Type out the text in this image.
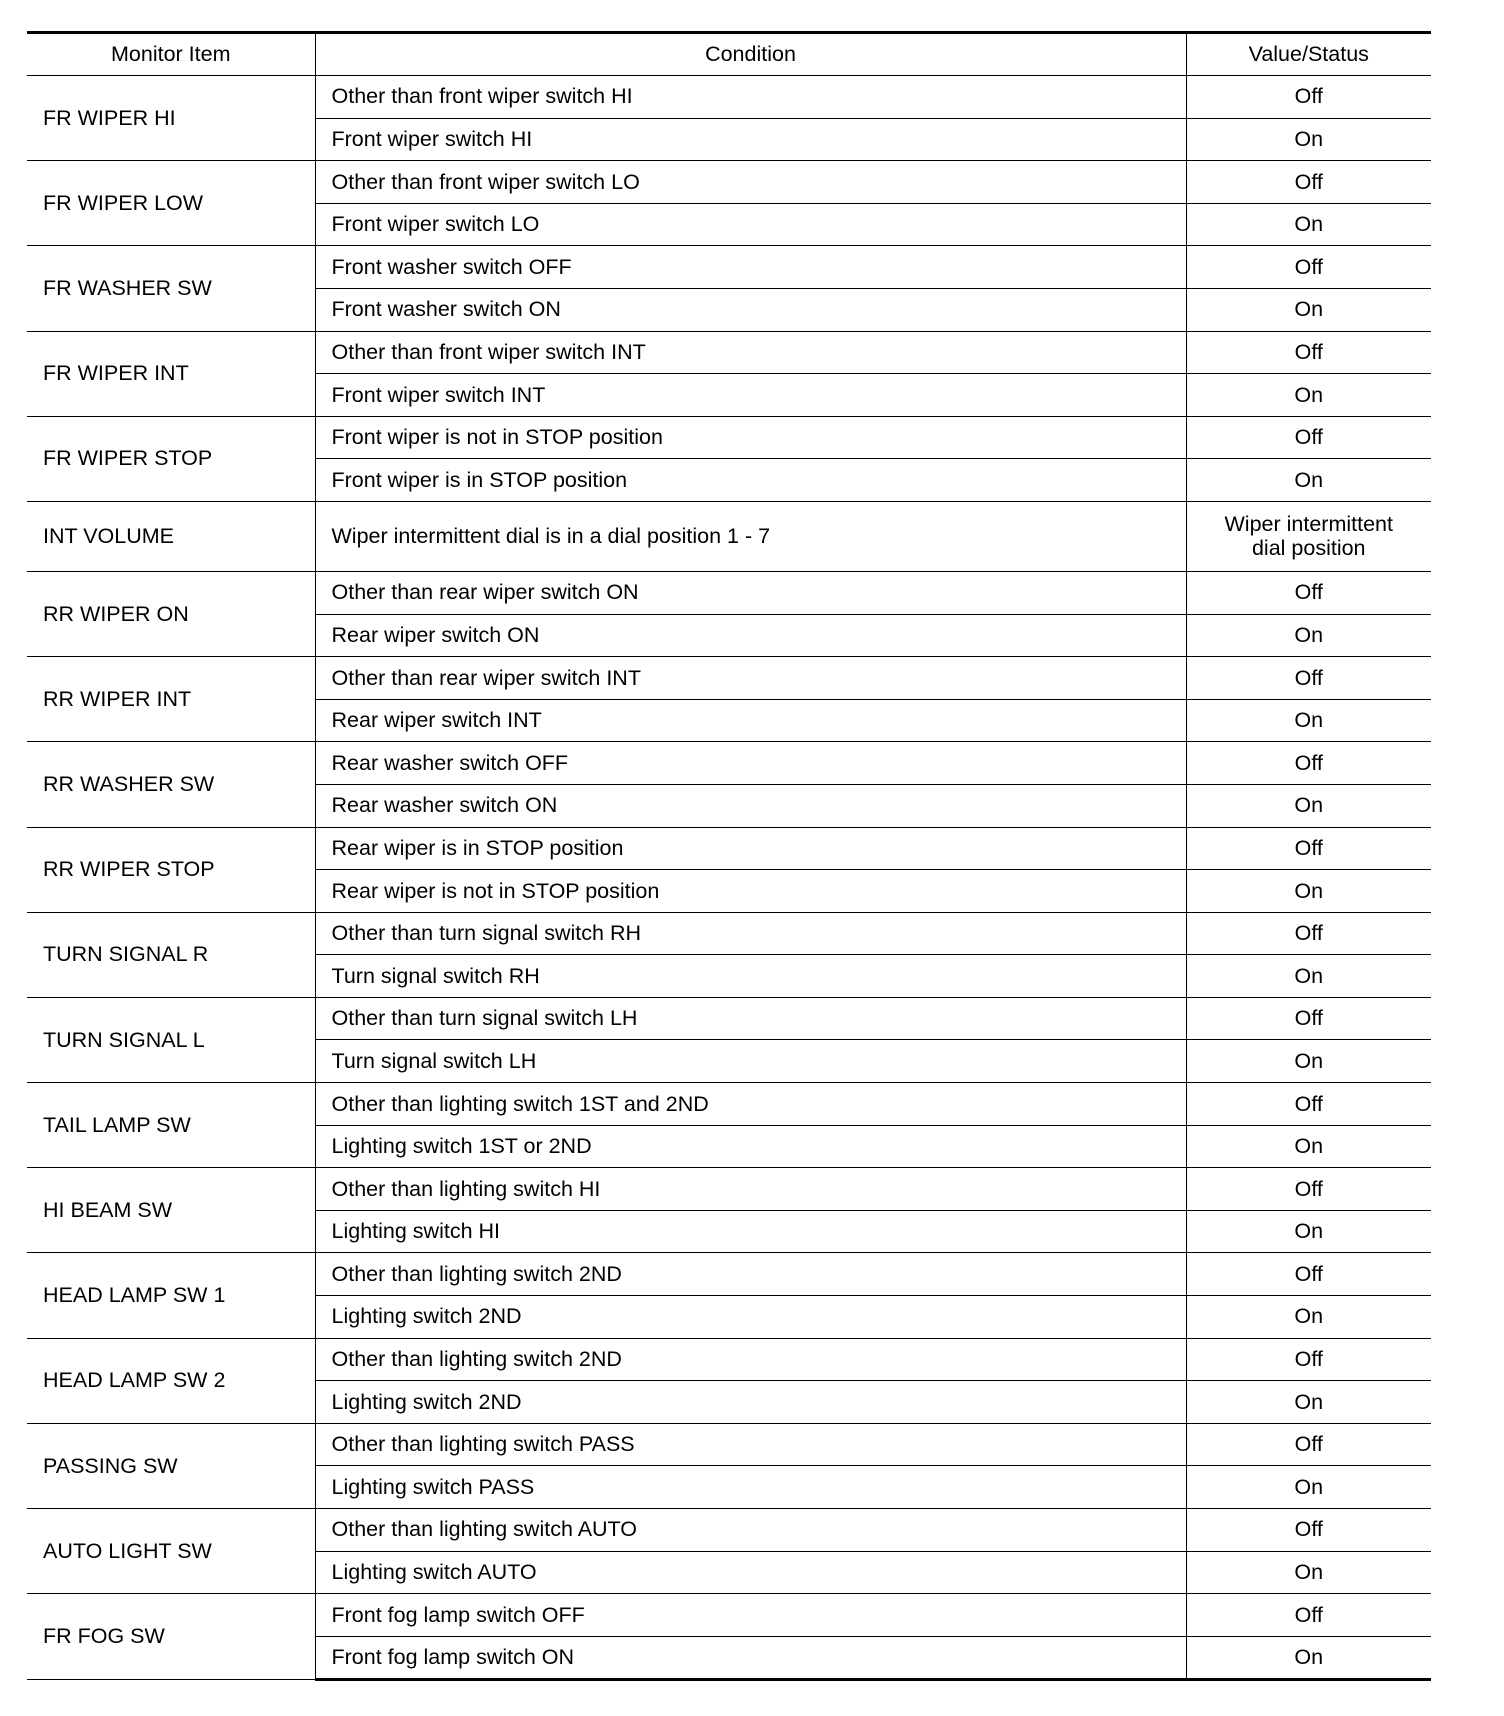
Monitor Item	Condition	Value/Status
FR WIPER HI	Other than front wiper switch HI	Off
	Front wiper switch HI	On
FR WIPER LOW	Other than front wiper switch LO	Off
	Front wiper switch LO	On
FR WASHER SW	Front washer switch OFF	Off
	Front washer switch ON	On
FR WIPER INT	Other than front wiper switch INT	Off
	Front wiper switch INT	On
FR WIPER STOP	Front wiper is not in STOP position	Off
	Front wiper is in STOP position	On
INT VOLUME	Wiper intermittent dial is in a dial position 1 - 7	Wiper intermittent
dial position
RR WIPER ON	Other than rear wiper switch ON	Off
	Rear wiper switch ON	On
RR WIPER INT	Other than rear wiper switch INT	Off
	Rear wiper switch INT	On
RR WASHER SW	Rear washer switch OFF	Off
	Rear washer switch ON	On
RR WIPER STOP	Rear wiper is in STOP position	Off
	Rear wiper is not in STOP position	On
TURN SIGNAL R	Other than turn signal switch RH	Off
	Turn signal switch RH	On
TURN SIGNAL L	Other than turn signal switch LH	Off
	Turn signal switch LH	On
TAIL LAMP SW	Other than lighting switch 1ST and 2ND	Off
	Lighting switch 1ST or 2ND	On
HI BEAM SW	Other than lighting switch HI	Off
	Lighting switch HI	On
HEAD LAMP SW 1	Other than lighting switch 2ND	Off
	Lighting switch 2ND	On
HEAD LAMP SW 2	Other than lighting switch 2ND	Off
	Lighting switch 2ND	On
PASSING SW	Other than lighting switch PASS	Off
	Lighting switch PASS	On
AUTO LIGHT SW	Other than lighting switch AUTO	Off
	Lighting switch AUTO	On
FR FOG SW	Front fog lamp switch OFF	Off
	Front fog lamp switch ON	On
